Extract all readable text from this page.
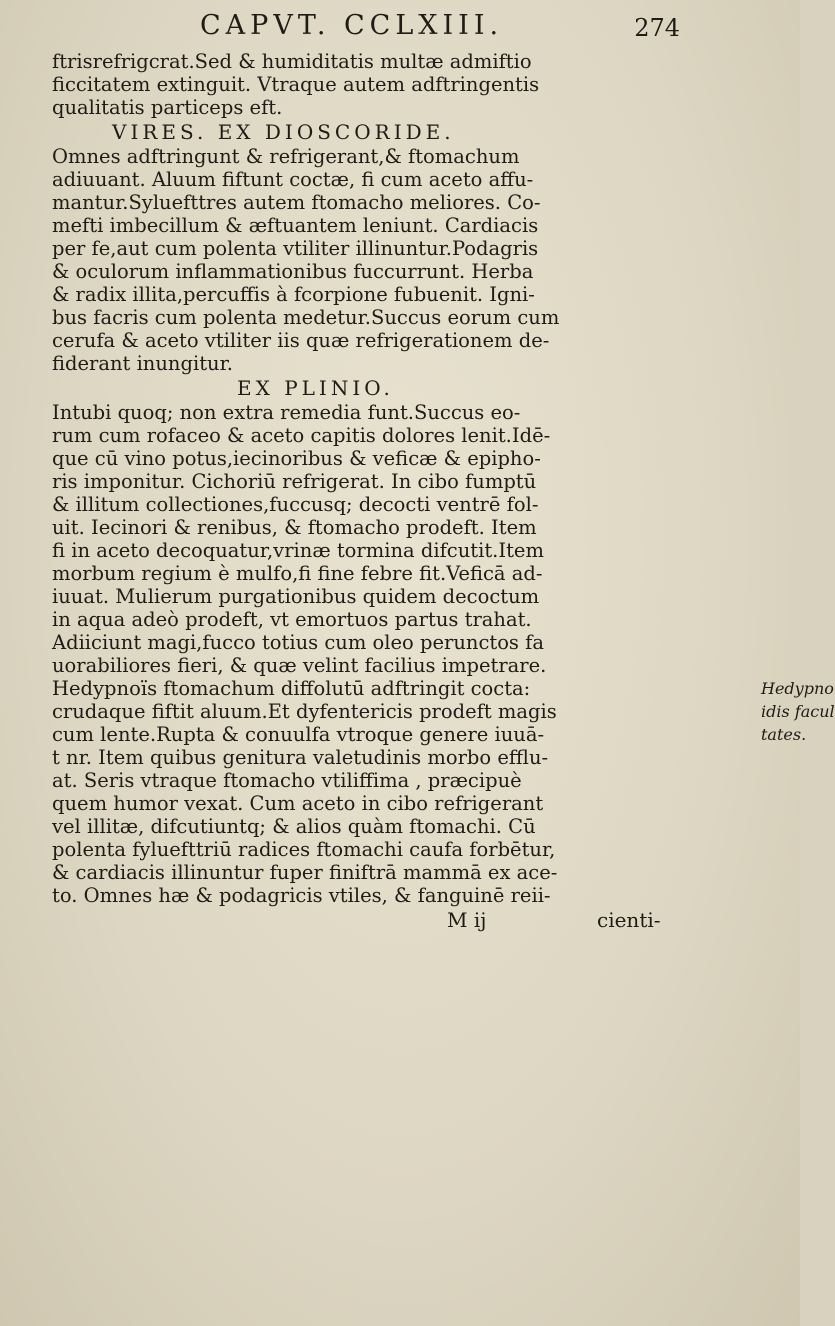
CAPVT. CCLXIII.	274
ftrisrefrigcrat.Sed & humiditatis multæ admiftio
ficcitatem extinguit. Vtraque autem adftringentis
qualitatis particeps eft.
VIRES. EX DIOSCORIDE.
Omnes adftringunt & refrigerant,& ftomachum
adiuuant. Aluum fiftunt coctæ, fi cum aceto affu-
mantur.Syluefttres autem ftomacho meliores. Co-
mefti imbecillum & æftuantem leniunt. Cardiacis
per fe,aut cum polenta vtiliter illinuntur.Podagris
& oculorum inflammationibus fuccurrunt. Herba
& radix illita,percuffis à fcorpione fubuenit. Igni-
bus facris cum polenta medetur.Succus eorum cum
cerufa & aceto vtiliter iis quæ refrigerationem de-
fiderant inungitur.
EX PLINIO.
Intubi quoq; non extra remedia funt.Succus eo-
rum cum rofaceo & aceto capitis dolores lenit.Idē-
que cū vino potus,iecinoribus & veficæ & epipho-
ris imponitur. Cichoriū refrigerat. In cibo fumptū
& illitum collectiones,fuccusq; decocti ventrē fol-
uit. Iecinori & renibus, & ftomacho prodeft. Item
fi in aceto decoquatur,vrinæ tormina difcutit.Item
morbum regium è mulfo,fi fine febre fit.Veficā ad-
iuuat. Mulierum purgationibus quidem decoctum
in aqua adeò prodeft, vt emortuos partus trahat.
Adiiciunt magi,fucco totius cum oleo perunctos fa
uorabiliores fieri, & quæ velint facilius impetrare.
Hedypnoïs ftomachum diffolutū adftringit cocta:	Hedypno
crudaque fiftit aluum.Et dyfentericis prodeft magis	idis facul
cum lente.Rupta & conuulfa vtroque genere iuuā-	tates.
t nr. Item quibus genitura valetudinis morbo efflu-
at. Seris vtraque ftomacho vtiliffima , præcipuè
quem humor vexat. Cum aceto in cibo refrigerant
vel illitæ, difcutiuntq; & alios quàm ftomachi. Cū
polenta fyluefttriū radices ftomachi caufa forbētur,
& cardiacis illinuntur fuper finiftrā mammā ex ace-
to. Omnes hæ & podagricis vtiles, & fanguinē reii-
M ij	cienti-
